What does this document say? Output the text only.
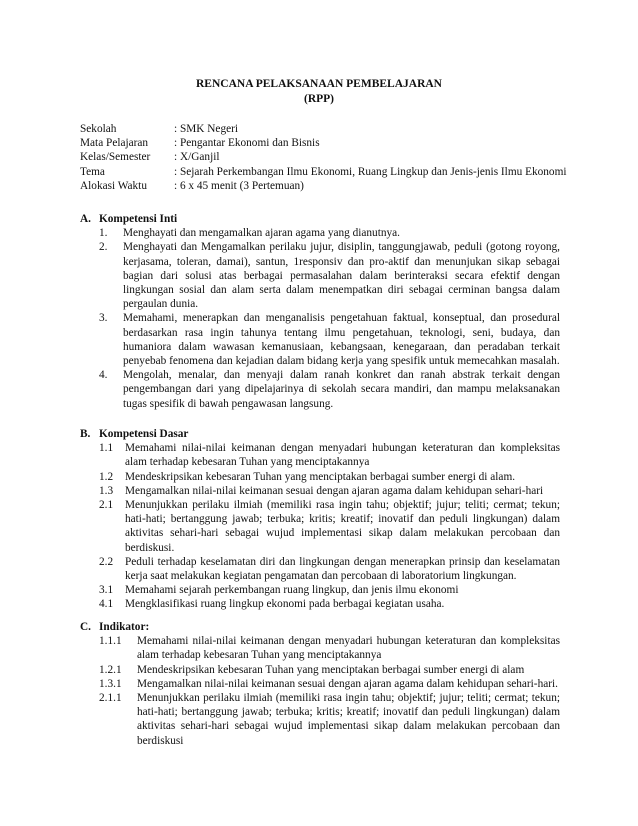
RENCANA PELAKSANAAN PEMBELAJARAN
(RPP)
Sekolah	: SMK Negeri
Mata Pelajaran	: Pengantar Ekonomi dan Bisnis
Kelas/Semester	: X/Ganjil
Tema	: Sejarah Perkembangan Ilmu Ekonomi, Ruang Lingkup dan Jenis-jenis Ilmu Ekonomi
Alokasi Waktu	: 6 x 45 menit (3 Pertemuan)
A. Kompetensi Inti
1.	Menghayati dan mengamalkan ajaran agama yang dianutnya.
2.	Menghayati dan Mengamalkan perilaku jujur, disiplin, tanggungjawab, peduli (gotong royong, kerjasama, toleran, damai), santun, 1responsiv dan pro-aktif dan menunjukan sikap sebagai bagian dari solusi atas berbagai permasalahan dalam berinteraksi secara efektif dengan lingkungan sosial dan alam serta dalam menempatkan diri sebagai cerminan bangsa dalam pergaulan dunia.
3.	Memahami, menerapkan dan menganalisis pengetahuan faktual, konseptual, dan prosedural berdasarkan rasa ingin tahunya tentang ilmu pengetahuan, teknologi, seni, budaya, dan humaniora dalam wawasan kemanusiaan, kebangsaan, kenegaraan, dan peradaban terkait penyebab fenomena dan kejadian dalam bidang kerja yang spesifik untuk memecahkan masalah.
4.	Mengolah, menalar, dan menyaji dalam ranah konkret dan ranah abstrak terkait dengan pengembangan dari yang dipelajarinya di sekolah secara mandiri, dan mampu melaksanakan tugas spesifik di bawah pengawasan langsung.
B. Kompetensi Dasar
1.1	Memahami nilai-nilai keimanan dengan menyadari hubungan keteraturan dan kompleksitas alam terhadap kebesaran Tuhan yang menciptakannya
1.2	Mendeskripsikan kebesaran Tuhan yang menciptakan berbagai sumber energi di alam.
1.3	Mengamalkan nilai-nilai keimanan sesuai dengan ajaran agama dalam kehidupan sehari-hari
2.1	Menunjukkan perilaku ilmiah (memiliki rasa ingin tahu; objektif; jujur; teliti; cermat; tekun; hati-hati; bertanggung jawab; terbuka; kritis; kreatif; inovatif dan peduli lingkungan) dalam aktivitas sehari-hari sebagai wujud implementasi sikap dalam melakukan percobaan dan berdiskusi.
2.2	Peduli terhadap keselamatan diri dan lingkungan dengan menerapkan prinsip dan keselamatan kerja saat melakukan kegiatan pengamatan dan percobaan di laboratorium lingkungan.
3.1	Memahami sejarah perkembangan ruang lingkup, dan jenis ilmu ekonomi
4.1	Mengklasifikasi ruang lingkup ekonomi pada berbagai kegiatan usaha.
C. Indikator:
1.1.1	Memahami nilai-nilai keimanan dengan menyadari hubungan keteraturan dan kompleksitas alam terhadap kebesaran Tuhan yang menciptakannya
1.2.1	Mendeskripsikan kebesaran Tuhan yang menciptakan berbagai sumber energi di alam
1.3.1	Mengamalkan nilai-nilai keimanan sesuai dengan ajaran agama dalam kehidupan sehari-hari.
2.1.1	Menunjukkan perilaku ilmiah (memiliki rasa ingin tahu; objektif; jujur; teliti; cermat; tekun; hati-hati; bertanggung jawab; terbuka; kritis; kreatif; inovatif dan peduli lingkungan) dalam aktivitas sehari-hari sebagai wujud implementasi sikap dalam melakukan percobaan dan berdiskusi
